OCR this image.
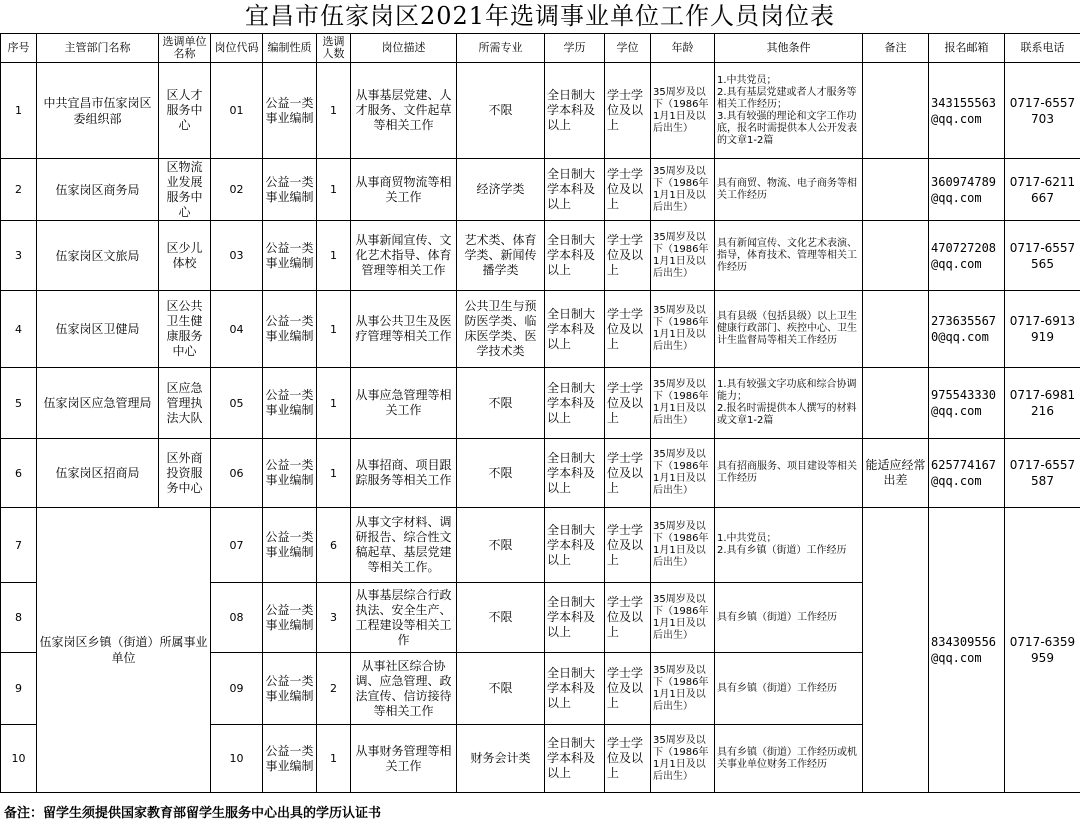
宜昌市伍家岗区2021年选调事业单位工作人员岗位表
序号	主管部门名称	选调单位名称	岗位代码	编制性质	选调人数	岗位描述	所需专业	学历	学位	年龄	其他条件	备注	报名邮箱	联系电话
1	中共宜昌市伍家岗区委组织部	区人才服务中心	01	公益一类事业编制	1	从事基层党建、人才服务、文件起草等相关工作	不限	全日制大学本科及以上	学士学位及以上	35周岁及以下（1986年1月1日及以后出生）	1.中共党员；
2.具有基层党建或者人才服务等相关工作经历；
3.具有较强的理论和文字工作功底，报名时需提供本人公开发表的文章1-2篇		343155563@qq.com	0717-6557703
2	伍家岗区商务局	区物流业发展服务中心	02	公益一类事业编制	1	从事商贸物流等相关工作	经济学类	全日制大学本科及以上	学士学位及以上	35周岁及以下（1986年1月1日及以后出生）	具有商贸、物流、电子商务等相关工作经历		360974789@qq.com	0717-6211667
3	伍家岗区文旅局	区少儿体校	03	公益一类事业编制	1	从事新闻宣传、文化艺术指导、体育管理等相关工作	艺术类、体育学类、新闻传播学类	全日制大学本科及以上	学士学位及以上	35周岁及以下（1986年1月1日及以后出生）	具有新闻宣传、文化艺术表演、指导，体育技术、管理等相关工作经历		470727208@qq.com	0717-6557565
4	伍家岗区卫健局	区公共卫生健康服务中心	04	公益一类事业编制	1	从事公共卫生及医疗管理等相关工作	公共卫生与预防医学类、临床医学类、医学技术类	全日制大学本科及以上	学士学位及以上	35周岁及以下（1986年1月1日及以后出生）	具有县级（包括县级）以上卫生健康行政部门、疾控中心、卫生计生监督局等相关工作经历		2736355670@qq.com	0717-6913919
5	伍家岗区应急管理局	区应急管理执法大队	05	公益一类事业编制	1	从事应急管理等相关工作	不限	全日制大学本科及以上	学士学位及以上	35周岁及以下（1986年1月1日及以后出生）	1.具有较强文字功底和综合协调能力；
2.报名时需提供本人撰写的材料或文章1-2篇		975543330@qq.com	0717-6981216
6	伍家岗区招商局	区外商投资服务中心	06	公益一类事业编制	1	从事招商、项目跟踪服务等相关工作	不限	全日制大学本科及以上	学士学位及以上	35周岁及以下（1986年1月1日及以后出生）	具有招商服务、项目建设等相关工作经历	能适应经常出差	625774167@qq.com	0717-6557587
7	伍家岗区乡镇（街道）所属事业单位		07	公益一类事业编制	6	从事文字材料、调研报告、综合性文稿起草、基层党建等相关工作。	不限	全日制大学本科及以上	学士学位及以上	35周岁及以下（1986年1月1日及以后出生）	1.中共党员；
2.具有乡镇（街道）工作经历		834309556@qq.com	0717-6359959
8			08	公益一类事业编制	3	从事基层综合行政执法、安全生产、工程建设等相关工作	不限	全日制大学本科及以上	学士学位及以上	35周岁及以下（1986年1月1日及以后出生）	具有乡镇（街道）工作经历			
9			09	公益一类事业编制	2	从事社区综合协调、应急管理、政法宣传、信访接待等相关工作	不限	全日制大学本科及以上	学士学位及以上	35周岁及以下（1986年1月1日及以后出生）	具有乡镇（街道）工作经历			
10			10	公益一类事业编制	1	从事财务管理等相关工作	财务会计类	全日制大学本科及以上	学士学位及以上	35周岁及以下（1986年1月1日及以后出生）	具有乡镇（街道）工作经历或机关事业单位财务工作经历			
备注：留学生须提供国家教育部留学生服务中心出具的学历认证书
